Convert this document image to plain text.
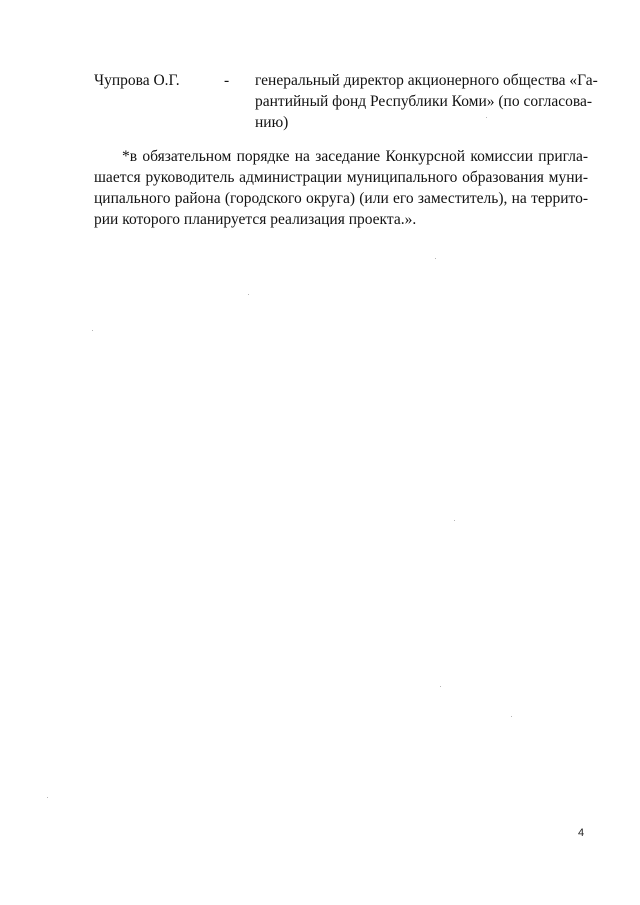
Чупрова О.Г.	- генеральный директор акционерного общества «Га-
рантийный фонд Республики Коми» (по согласова-
нию)
*в обязательном порядке на заседание Конкурсной комиссии пригла-
шается руководитель администрации муниципального образования муни-
ципального района (городского округа) (или его заместитель), на террито-
рии которого планируется реализация проекта.».
4
